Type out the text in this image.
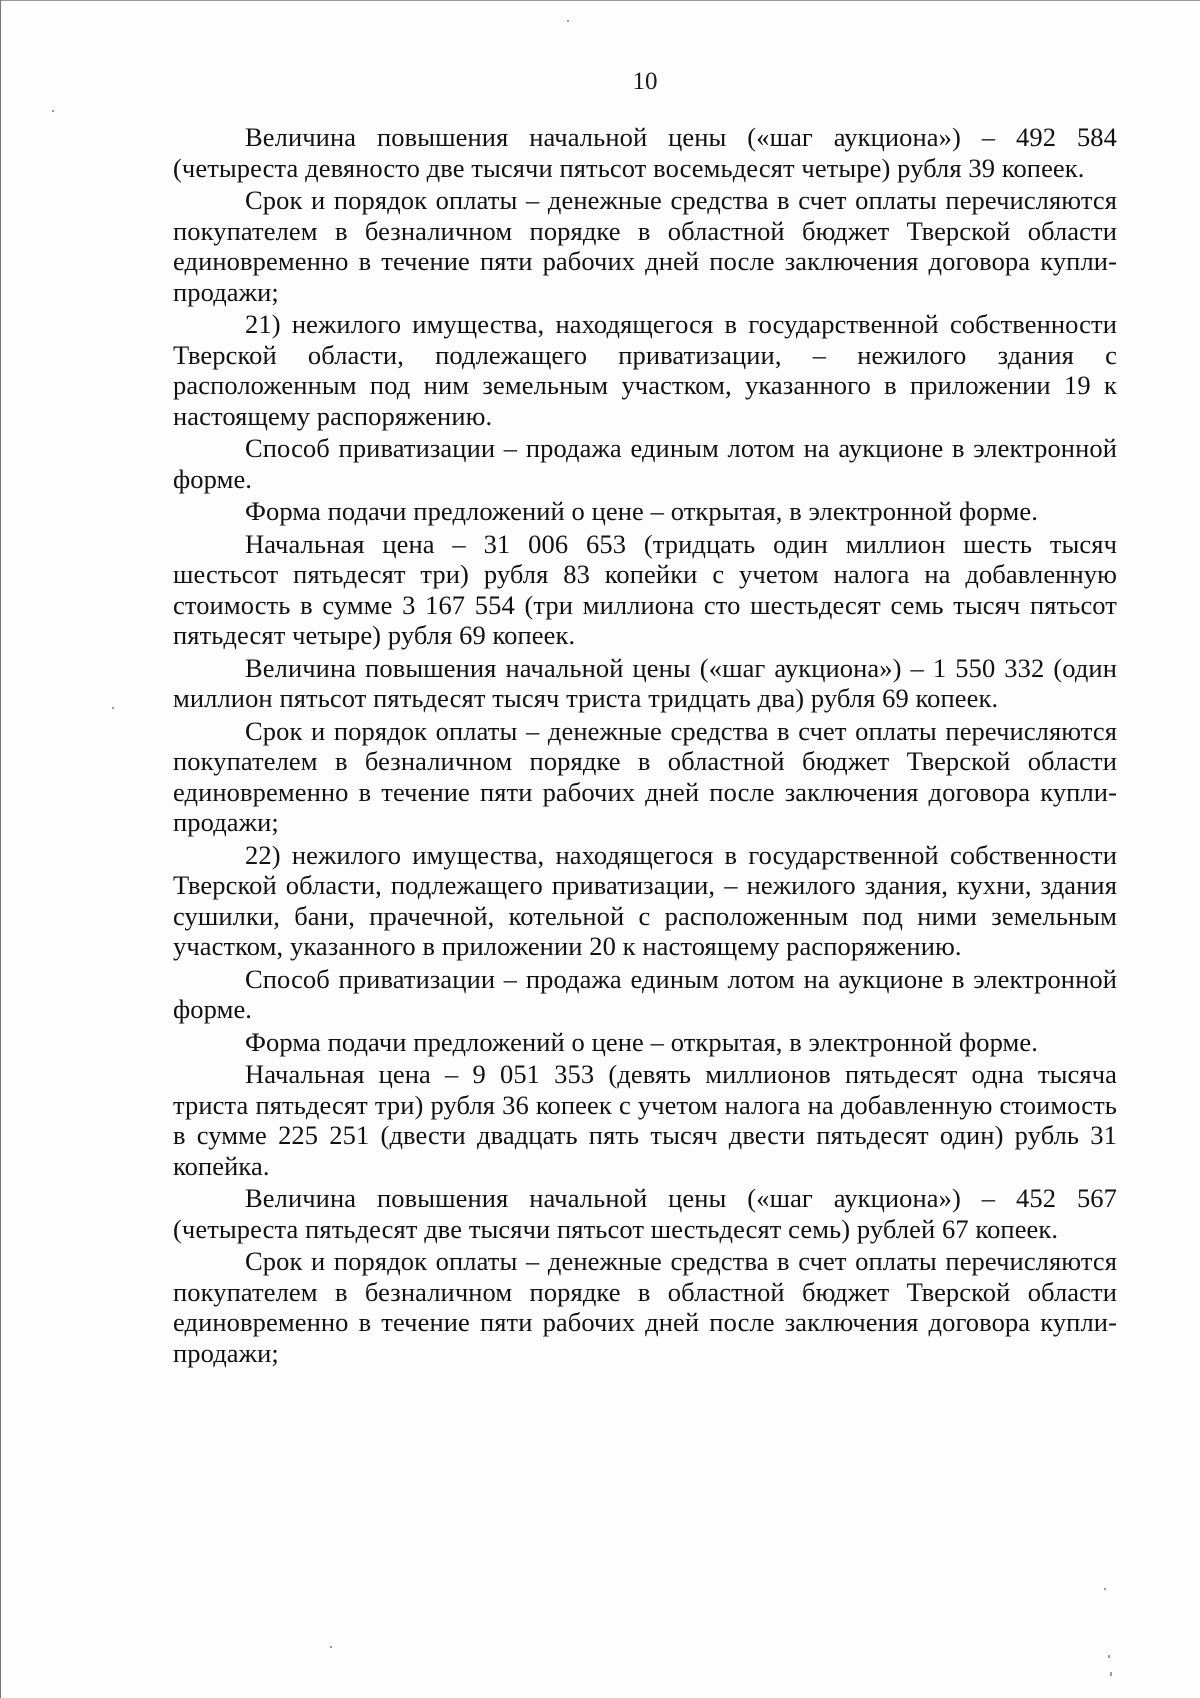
10

Величина повышения начальной цены («шаг аукциона») – 492 584 (четыреста девяносто две тысячи пятьсот восемьдесят четыре) рубля 39 копеек.

Срок и порядок оплаты – денежные средства в счет оплаты перечисляются покупателем в безналичном порядке в областной бюджет Тверской области единовременно в течение пяти рабочих дней после заключения договора купли-продажи;

21) нежилого имущества, находящегося в государственной собственности Тверской области, подлежащего приватизации, – нежилого здания с расположенным под ним земельным участком, указанного в приложении 19 к настоящему распоряжению.

Способ приватизации – продажа единым лотом на аукционе в электронной форме.

Форма подачи предложений о цене – открытая, в электронной форме.

Начальная цена – 31 006 653 (тридцать один миллион шесть тысяч шестьсот пятьдесят три) рубля 83 копейки с учетом налога на добавленную стоимость в сумме 3 167 554 (три миллиона сто шестьдесят семь тысяч пятьсот пятьдесят четыре) рубля 69 копеек.

Величина повышения начальной цены («шаг аукциона») – 1 550 332 (один миллион пятьсот пятьдесят тысяч триста тридцать два) рубля 69 копеек.

Срок и порядок оплаты – денежные средства в счет оплаты перечисляются покупателем в безналичном порядке в областной бюджет Тверской области единовременно в течение пяти рабочих дней после заключения договора купли-продажи;

22) нежилого имущества, находящегося в государственной собственности Тверской области, подлежащего приватизации, – нежилого здания, кухни, здания сушилки, бани, прачечной, котельной с расположенным под ними земельным участком, указанного в приложении 20 к настоящему распоряжению.

Способ приватизации – продажа единым лотом на аукционе в электронной форме.

Форма подачи предложений о цене – открытая, в электронной форме.

Начальная цена – 9 051 353 (девять миллионов пятьдесят одна тысяча триста пятьдесят три) рубля 36 копеек с учетом налога на добавленную стоимость в сумме 225 251 (двести двадцать пять тысяч двести пятьдесят один) рубль 31 копейка.

Величина повышения начальной цены («шаг аукциона») – 452 567 (четыреста пятьдесят две тысячи пятьсот шестьдесят семь) рублей 67 копеек.

Срок и порядок оплаты – денежные средства в счет оплаты перечисляются покупателем в безналичном порядке в областной бюджет Тверской области единовременно в течение пяти рабочих дней после заключения договора купли-продажи;
